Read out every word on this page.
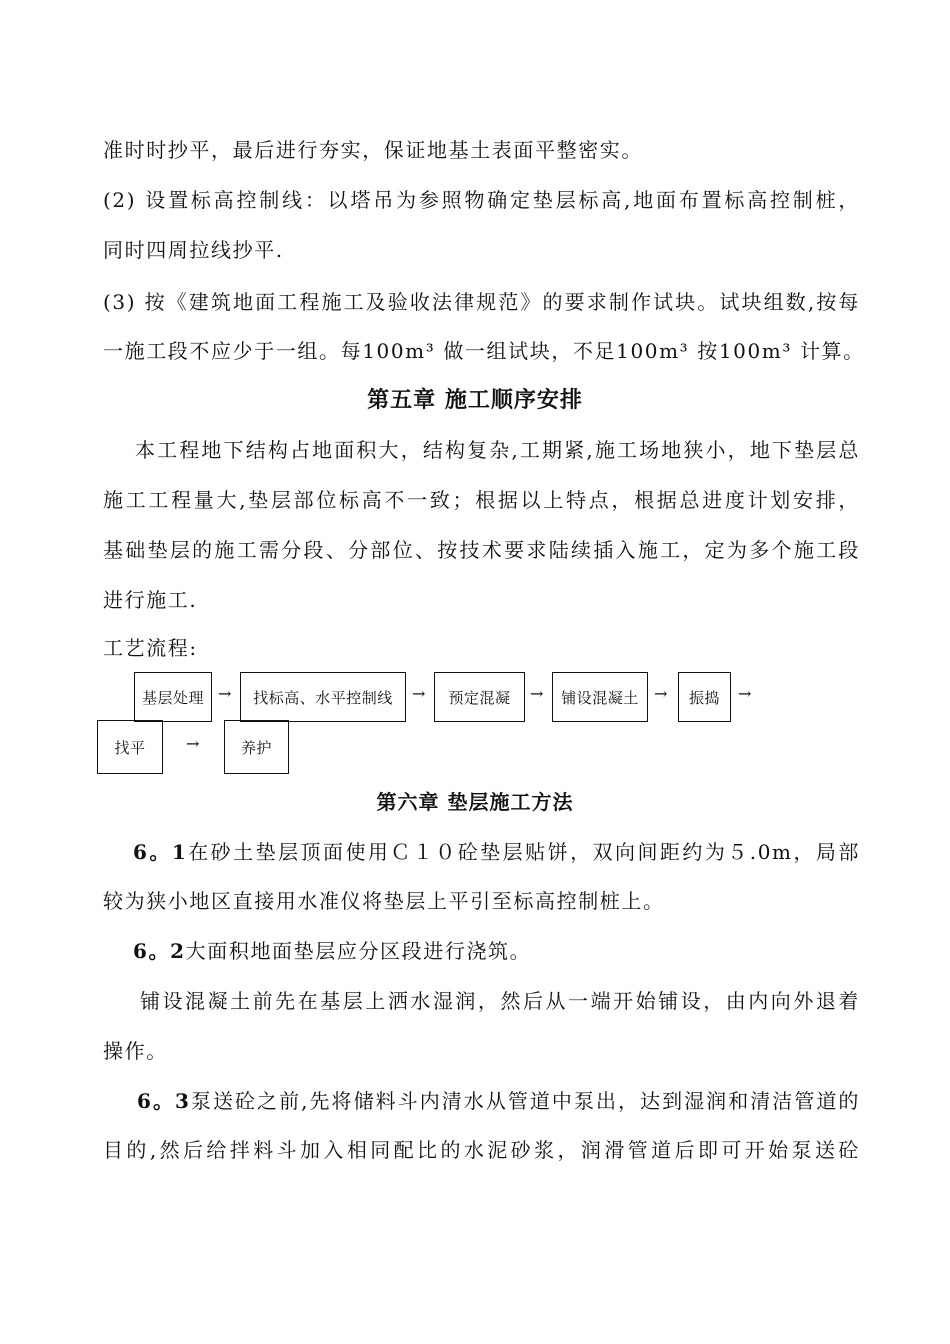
准时时抄平，最后进行夯实，保证地基土表面平整密实。
(2) 设置标高控制线：以塔吊为参照物确定垫层标高,地面布置标高控制桩，
同时四周拉线抄平.
(3) 按《建筑地面工程施工及验收法律规范》的要求制作试块。试块组数,按每
一施工段不应少于一组。每100m³ 做一组试块，不足100m³ 按100m³ 计算。
第五章 施工顺序安排
本工程地下结构占地面积大，结构复杂,工期紧,施工场地狭小，地下垫层总
施工工程量大,垫层部位标高不一致；根据以上特点，根据总进度计划安排，
基础垫层的施工需分段、分部位、按技术要求陆续插入施工，定为多个施工段
进行施工.
工艺流程:
基层处理 →	找标高、水平控制线	→	预定混凝	→	铺设混凝土 →	振捣	→
找平	→	养护
第六章 垫层施工方法
6。1在砂土垫层顶面使用Ｃ１０砼垫层贴饼，双向间距约为５.0m，局部
较为狭小地区直接用水准仪将垫层上平引至标高控制桩上。
6。2大面积地面垫层应分区段进行浇筑。
铺设混凝土前先在基层上洒水湿润，然后从一端开始铺设，由内向外退着
操作。
6。3泵送砼之前,先将储料斗内清水从管道中泵出，达到湿润和清洁管道的
目的,然后给拌料斗加入相同配比的水泥砂浆，润滑管道后即可开始泵送砼
